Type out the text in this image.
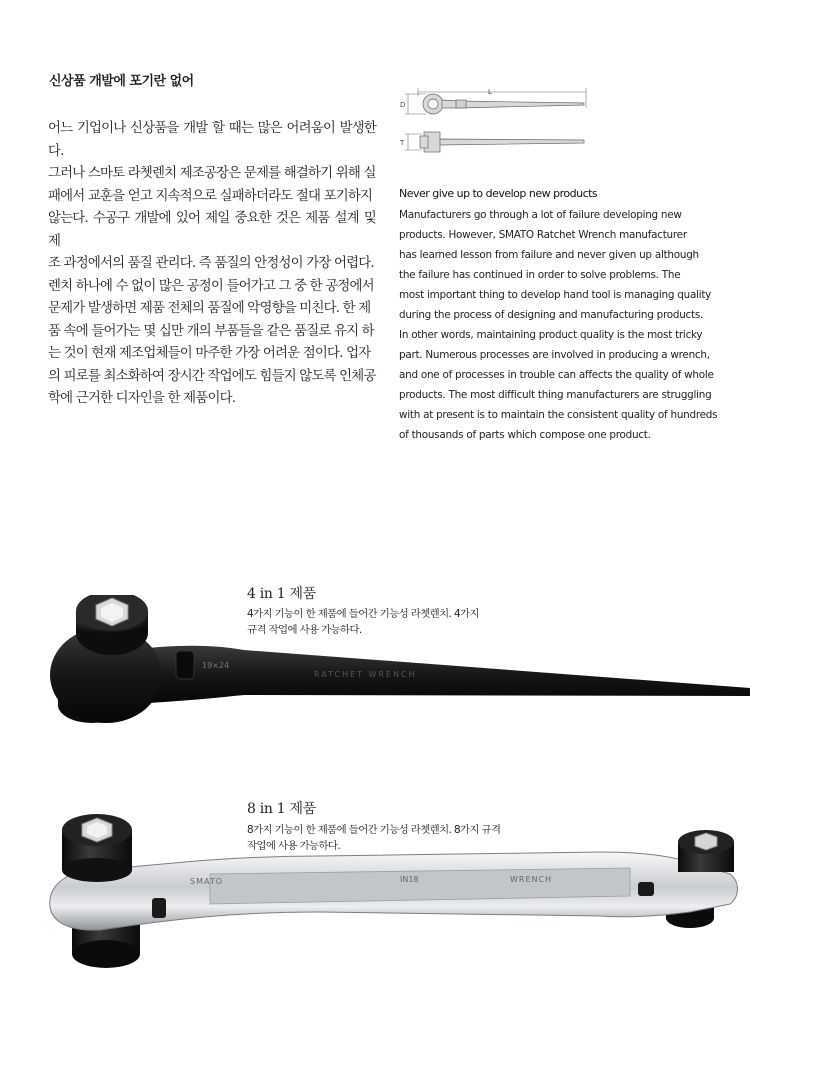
신상품 개발에 포기란 없어
어느 기업이나 신상품을 개발 할 때는 많은 어려움이 발생한다.
그러나 스마토 라쳇렌치 제조공장은 문제를 해결하기 위해 실
패에서 교훈을 얻고 지속적으로 실패하더라도 절대 포기하지
않는다. 수공구 개발에 있어 제일 중요한 것은 제품 설계 및 제
조 과정에서의 품질 관리다. 즉 품질의 안정성이 가장 어렵다.
렌치 하나에 수 없이 많은 공정이 들어가고 그 중 한 공정에서
문제가 발생하면 제품 전체의 품질에 악영향을 미친다. 한 제
품 속에 들어가는 몇 십만 개의 부품들을 같은 품질로 유지 하
는 것이 현재 제조업체들이 마주한 가장 어려운 점이다. 업자
의 피로를 최소화하여 장시간 작업에도 힘들지 않도록 인체공
학에 근거한 디자인을 한 제품이다.
L
D
T
Never give up to develop new products
Manufacturers go through a lot of failure developing new
products. However, SMATO Ratchet Wrench manufacturer
has learned lesson from failure and never given up although
the failure has continued in order to solve problems. The
most important thing to develop hand tool is managing quality
during the process of designing and manufacturing products.
In other words, maintaining product quality is the most tricky
part. Numerous processes are involved in producing a wrench,
and one of processes in trouble can affects the quality of whole
products. The most difficult thing manufacturers are struggling
with at present is to maintain the consistent quality of hundreds
of thousands of parts which compose one product.
19×24
RATCHET WRENCH
4 in 1 제품
4가지 기능이 한 제품에 들어간 기능성 라쳇렌치. 4가지
규격 작업에 사용 가능하다.
SMATO	IN18	WRENCH
8 in 1 제품
8가지 기능이 한 제품에 들어간 기능성 라쳇렌치. 8가지 규격
작업에 사용 가능하다.
